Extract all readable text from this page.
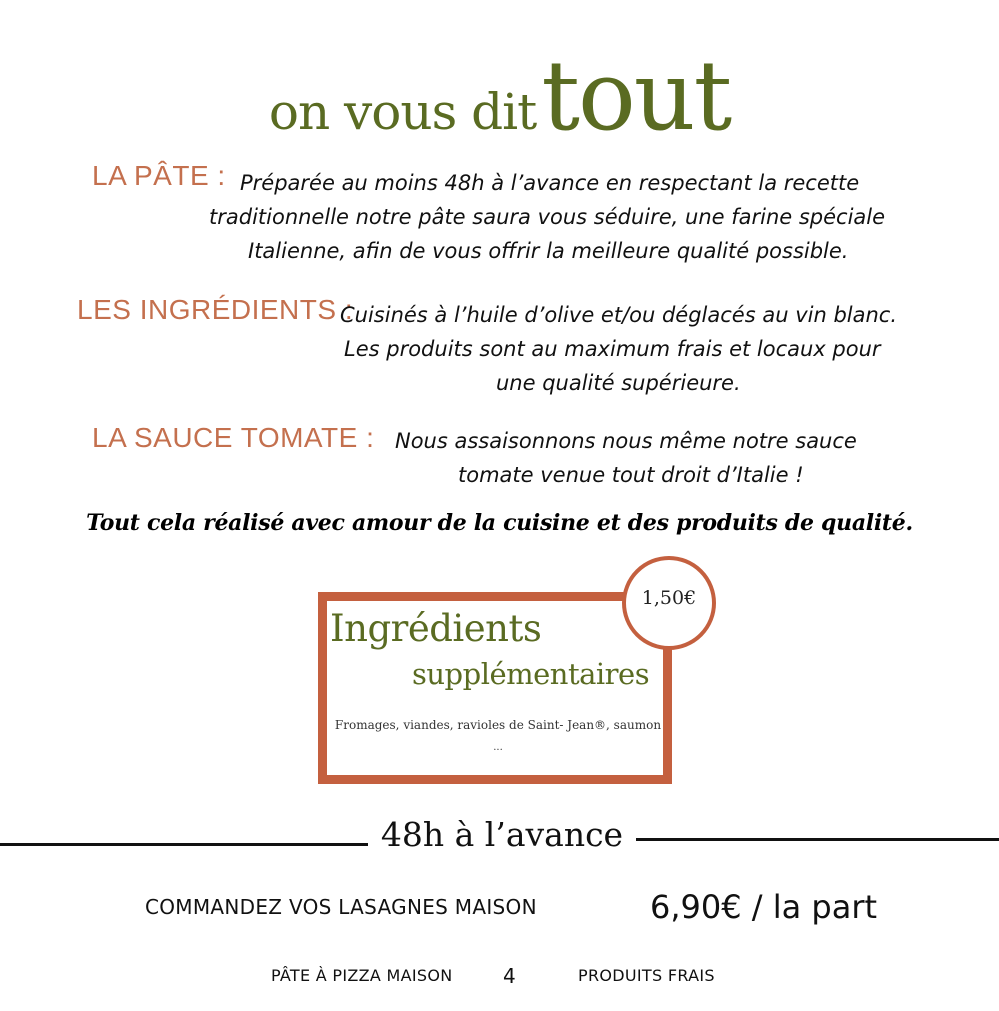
on vous dit tout
LA PÂTE : Préparée au moins 48h à l’avance en respectant la recette
traditionnelle notre pâte saura vous séduire, une farine spéciale
Italienne, afin de vous offrir la meilleure qualité possible.
LES INGRÉDIENTS :
Cuisinés à l’huile d’olive et/ou déglacés au vin blanc.
Les produits sont au maximum frais et locaux pour
une qualité supérieure.
LA SAUCE TOMATE : Nous assaisonnons nous même notre sauce
tomate venue tout droit d’Italie !
Tout cela réalisé avec amour de la cuisine et des produits de qualité.
1,50€
Ingrédients
supplémentaires
Fromages, viandes, ravioles de Saint- Jean®, saumon
...
48h à l’avance
COMMANDEZ VOS LASAGNES MAISON	6,90€ / la part
PÂTE À PIZZA MAISON	4	PRODUITS FRAIS
